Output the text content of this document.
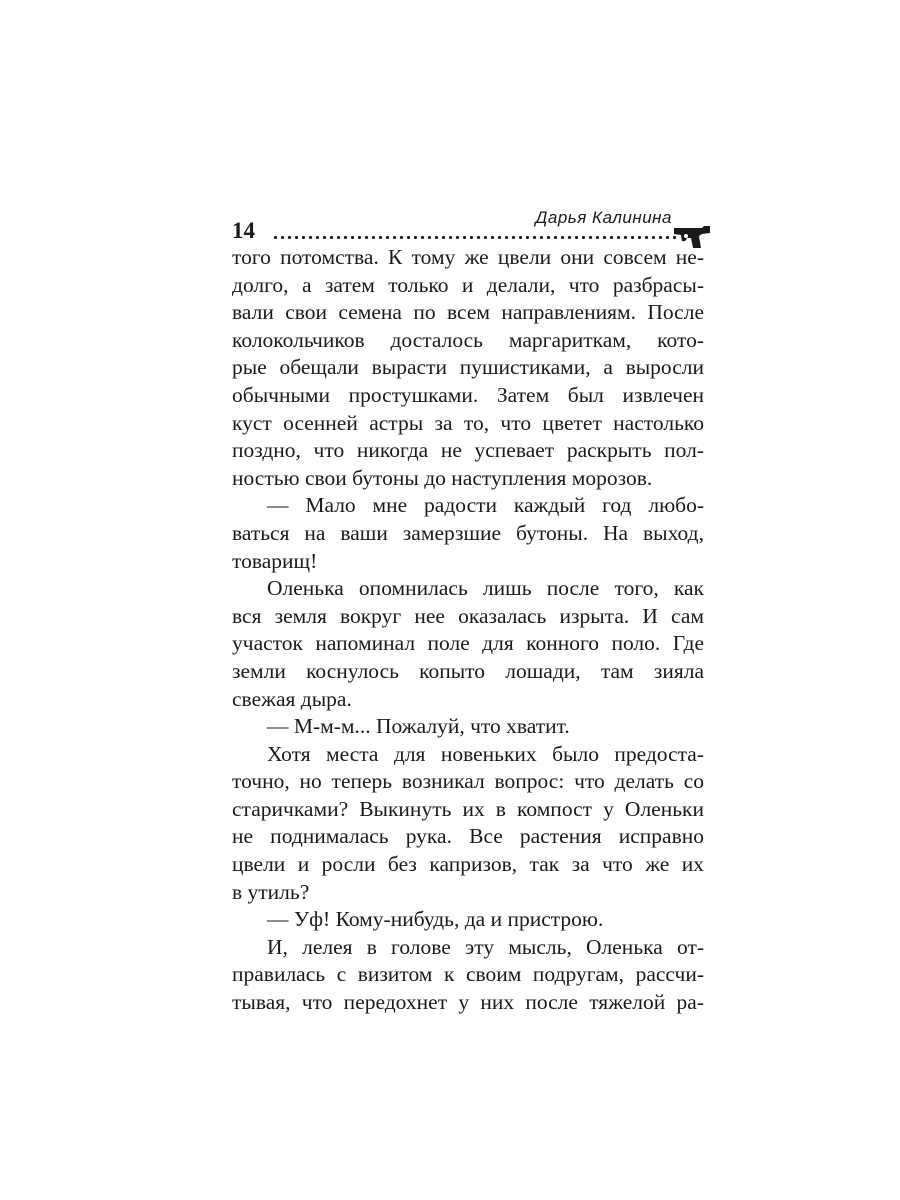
14
Дарья Калинина
того потомства. К тому же цвели они совсем не-
долго, а затем только и делали, что разбрасы-
вали свои семена по всем направлениям. После
колокольчиков досталось маргариткам, кото-
рые обещали вырасти пушистиками, а выросли
обычными простушками. Затем был извлечен
куст осенней астры за то, что цветет настолько
поздно, что никогда не успевает раскрыть пол-
ностью свои бутоны до наступления морозов.
— Мало мне радости каждый год любо-
ваться на ваши замерзшие бутоны. На выход,
товарищ!
Оленька опомнилась лишь после того, как
вся земля вокруг нее оказалась изрыта. И сам
участок напоминал поле для конного поло. Где
земли коснулось копыто лошади, там зияла
свежая дыра.
— М-м-м... Пожалуй, что хватит.
Хотя места для новеньких было предоста-
точно, но теперь возникал вопрос: что делать со
старичками? Выкинуть их в компост у Оленьки
не поднималась рука. Все растения исправно
цвели и росли без капризов, так за что же их
в утиль?
— Уф! Кому-нибудь, да и пристрою.
И, лелея в голове эту мысль, Оленька от-
правилась с визитом к своим подругам, рассчи-
тывая, что передохнет у них после тяжелой ра-
